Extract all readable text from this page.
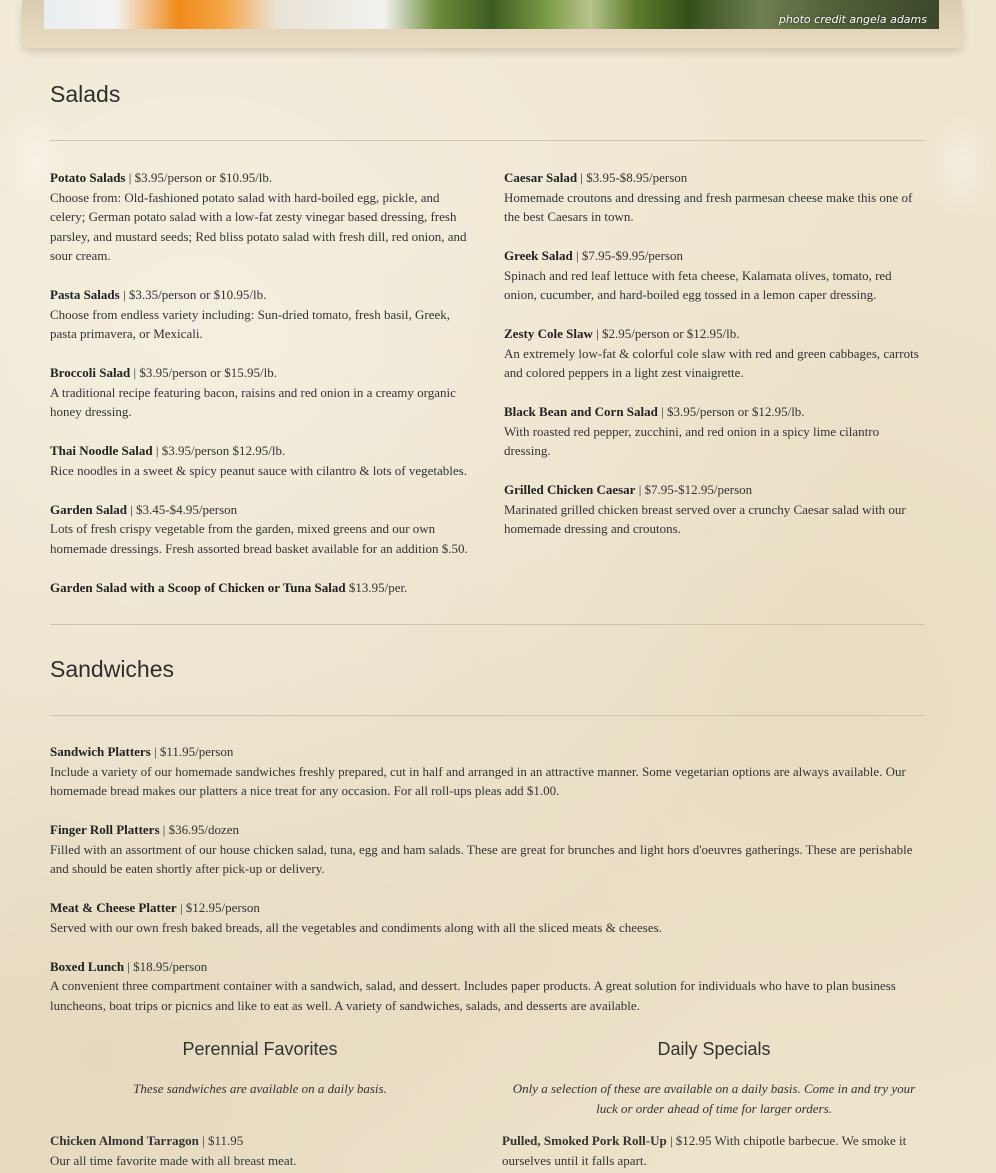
photo credit angela adams
Salads
Potato Salads | $3.95/person or $10.95/lb.
Choose from: Old-fashioned potato salad with hard-boiled egg, pickle, and celery; German potato salad with a low-fat zesty vinegar based dressing, fresh parsley, and mustard seeds; Red bliss potato salad with fresh dill, red onion, and sour cream.
Pasta Salads | $3.35/person or $10.95/lb.
Choose from endless variety including: Sun-dried tomato, fresh basil, Greek, pasta primavera, or Mexicali.
Broccoli Salad | $3.95/person or $15.95/lb.
A traditional recipe featuring bacon, raisins and red onion in a creamy organic honey dressing.
Thai Noodle Salad | $3.95/person $12.95/lb.
Rice noodles in a sweet & spicy peanut sauce with cilantro & lots of vegetables.
Garden Salad | $3.45-$4.95/person
Lots of fresh crispy vegetable from the garden, mixed greens and our own homemade dressings. Fresh assorted bread basket available for an addition $.50.
Garden Salad with a Scoop of Chicken or Tuna Salad $13.95/per.
Caesar Salad | $3.95-$8.95/person
Homemade croutons and dressing and fresh parmesan cheese make this one of the best Caesars in town.
Greek Salad | $7.95-$9.95/person
Spinach and red leaf lettuce with feta cheese, Kalamata olives, tomato, red onion, cucumber, and hard-boiled egg tossed in a lemon caper dressing.
Zesty Cole Slaw | $2.95/person or $12.95/lb.
An extremely low-fat & colorful cole slaw with red and green cabbages, carrots and colored peppers in a light zest vinaigrette.
Black Bean and Corn Salad | $3.95/person or $12.95/lb.
With roasted red pepper, zucchini, and red onion in a spicy lime cilantro dressing.
Grilled Chicken Caesar | $7.95-$12.95/person
Marinated grilled chicken breast served over a crunchy Caesar salad with our homemade dressing and croutons.
Sandwiches
Sandwich Platters | $11.95/person
Include a variety of our homemade sandwiches freshly prepared, cut in half and arranged in an attractive manner. Some vegetarian options are always available. Our homemade bread makes our platters a nice treat for any occasion. For all roll-ups pleas add $1.00.
Finger Roll Platters | $36.95/dozen
Filled with an assortment of our house chicken salad, tuna, egg and ham salads. These are great for brunches and light hors d'oeuvres gatherings. These are perishable and should be eaten shortly after pick-up or delivery.
Meat & Cheese Platter | $12.95/person
Served with our own fresh baked breads, all the vegetables and condiments along with all the sliced meats & cheeses.
Boxed Lunch | $18.95/person
A convenient three compartment container with a sandwich, salad, and dessert. Includes paper products. A great solution for individuals who have to plan business luncheons, boat trips or picnics and like to eat as well. A variety of sandwiches, salads, and desserts are available.
Perennial Favorites	Daily Specials
These sandwiches are available on a daily basis.	Only a selection of these are available on a daily basis. Come in and try your luck or order ahead of time for larger orders.
Chicken Almond Tarragon | $11.95
Our all time favorite made with all breast meat.
Pulled, Smoked Pork Roll-Up | $12.95 With chipotle barbecue. We smoke it ourselves until it falls apart.
